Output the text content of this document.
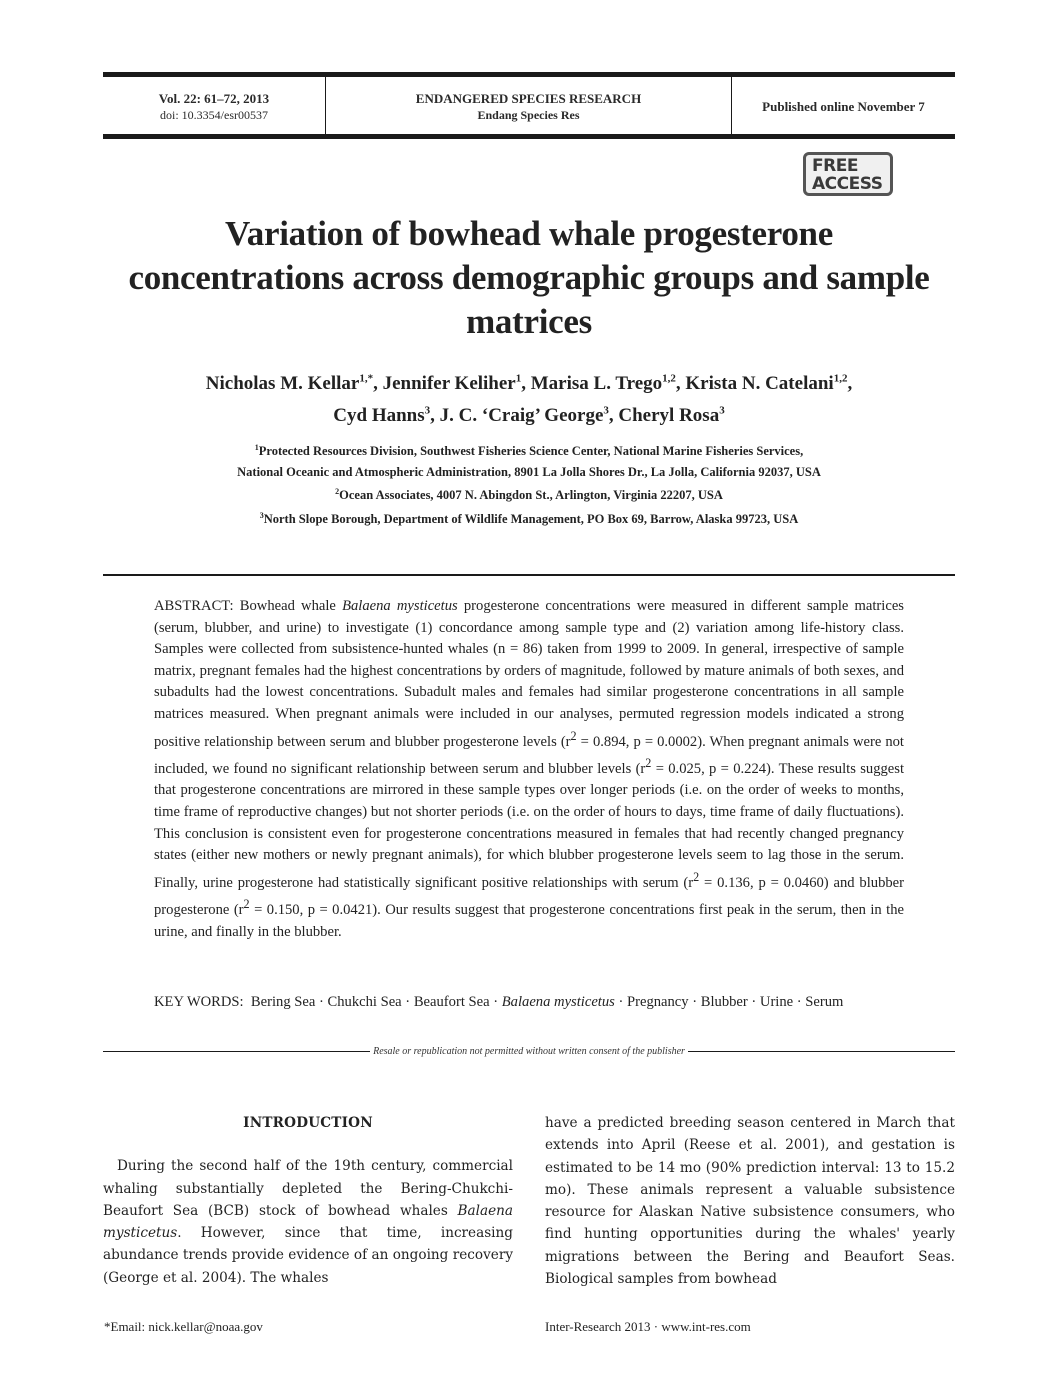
Vol. 22: 61–72, 2013
doi: 10.3354/esr00537
ENDANGERED SPECIES RESEARCH
Endang Species Res
Published online November 7
FREE
ACCESS
Variation of bowhead whale progesterone concentrations across demographic groups and sample matrices
Nicholas M. Kellar$^{1,*}$, Jennifer Keliher$^1$, Marisa L. Trego$^{1,2}$, Krista N. Catelani$^{1,2}$,
Cyd Hanns$^3$, J. C. ‘Craig’ George$^3$, Cheryl Rosa$^3$
$^1$Protected Resources Division, Southwest Fisheries Science Center, National Marine Fisheries Services,
National Oceanic and Atmospheric Administration, 8901 La Jolla Shores Dr., La Jolla, California 92037, USA
$^2$Ocean Associates, 4007 N. Abingdon St., Arlington, Virginia 22207, USA
$^3$North Slope Borough, Department of Wildlife Management, PO Box 69, Barrow, Alaska 99723, USA
ABSTRACT: Bowhead whale Balaena mysticetus progesterone concentrations were measured in different sample matrices (serum, blubber, and urine) to investigate (1) concordance among sample type and (2) variation among life-history class. Samples were collected from subsistence-hunted whales (n = 86) taken from 1999 to 2009. In general, irrespective of sample matrix, pregnant females had the highest concentrations by orders of magnitude, followed by mature animals of both sexes, and subadults had the lowest concentrations. Subadult males and females had similar progesterone concentrations in all sample matrices measured. When pregnant animals were included in our analyses, permuted regression models indicated a strong positive relationship between serum and blubber progesterone levels ($r^2 = 0.894$, p = 0.0002). When pregnant animals were not included, we found no significant relationship between serum and blubber levels ($r^2 = 0.025$, p = 0.224). These results suggest that progesterone concentrations are mirrored in these sample types over longer periods (i.e. on the order of weeks to months, time frame of reproductive changes) but not shorter periods (i.e. on the order of hours to days, time frame of daily fluctuations). This conclusion is consistent even for progesterone concentrations measured in females that had recently changed pregnancy states (either new mothers or newly pregnant animals), for which blubber progesterone levels seem to lag those in the serum. Finally, urine progesterone had statistically significant positive relationships with serum ($r^2 = 0.136$, p = 0.0460) and blubber progesterone ($r^2 = 0.150$, p = 0.0421). Our results suggest that progesterone concentrations first peak in the serum, then in the urine, and finally in the blubber.
KEY WORDS:  Bering Sea · Chukchi Sea · Beaufort Sea · Balaena mysticetus · Pregnancy · Blubber · Urine · Serum
Resale or republication not permitted without written consent of the publisher
INTRODUCTION
During the second half of the 19th century, commercial whaling substantially depleted the Bering-Chukchi-Beaufort Sea (BCB) stock of bowhead whales Balaena mysticetus. However, since that time, increasing abundance trends provide evidence of an ongoing recovery (George et al. 2004). The whales
have a predicted breeding season centered in March that extends into April (Reese et al. 2001), and gestation is estimated to be 14 mo (90% prediction interval: 13 to 15.2 mo). These animals represent a valuable subsistence resource for Alaskan Native subsistence consumers, who find hunting opportunities during the whales' yearly migrations between the Bering and Beaufort Seas. Biological samples from bowhead
*Email: nick.kellar@noaa.gov	Inter-Research 2013 · www.int-res.com
